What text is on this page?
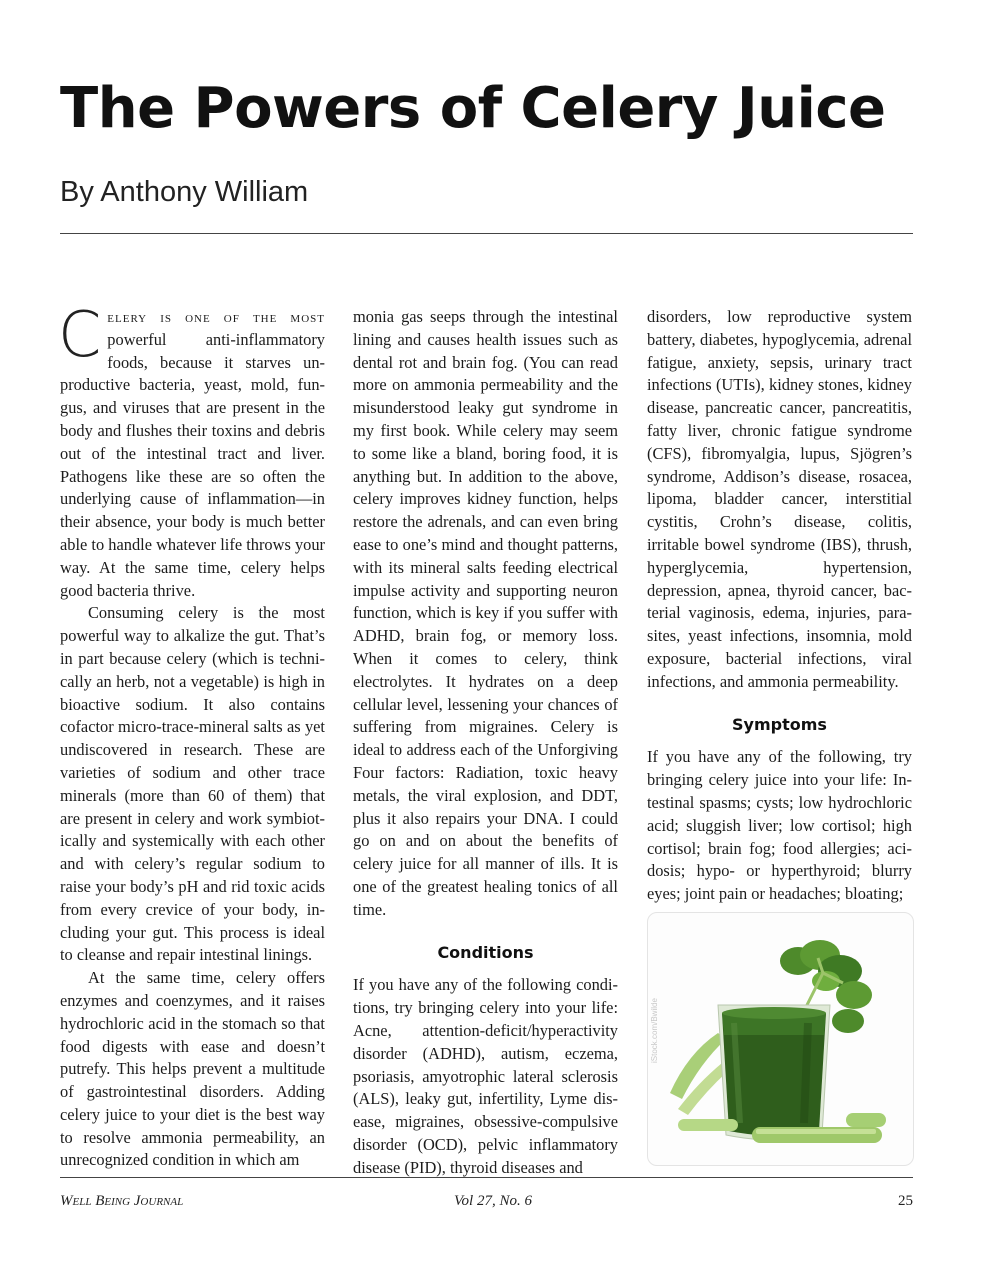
The Powers of Celery Juice
By Anthony William

Celery is one of the most powerful anti-inflammatory foods, because it starves unproductive bacteria, yeast, mold, fungus, and viruses that are present in the body and flushes their toxins and debris out of the intestinal tract and liver. Pathogens like these are so often the underlying cause of inflammation—in their absence, your body is much better able to handle whatever life throws your way. At the same time, celery helps good bacteria thrive.

Consuming celery is the most powerful way to alkalize the gut. That’s in part because celery (which is technically an herb, not a vegetable) is high in bioactive sodium. It also contains cofactor micro-trace-mineral salts as yet undiscovered in research. These are varieties of sodium and other trace minerals (more than 60 of them) that are present in celery and work symbiotically and systemically with each other and with celery’s regular sodium to raise your body’s pH and rid toxic acids from every crevice of your body, including your gut. This process is ideal to cleanse and repair intestinal linings.

At the same time, celery offers enzymes and coenzymes, and it raises hydrochloric acid in the stomach so that food digests with ease and doesn’t putrefy. This helps prevent a multitude of gastrointestinal disorders. Adding celery juice to your diet is the best way to resolve ammonia permeability, an unrecognized condition in which am

monia gas seeps through the intestinal lining and causes health issues such as dental rot and brain fog. (You can read more on ammonia permeability and the misunderstood leaky gut syndrome in my first book. While celery may seem to some like a bland, boring food, it is anything but. In addition to the above, celery improves kidney function, helps restore the adrenals, and can even bring ease to one’s mind and thought patterns, with its mineral salts feeding electrical impulse activity and supporting neuron function, which is key if you suffer with ADHD, brain fog, or memory loss. When it comes to celery, think electrolytes. It hydrates on a deep cellular level, lessening your chances of suffering from migraines. Celery is ideal to address each of the Unforgiving Four factors: Radiation, toxic heavy metals, the viral explosion, and DDT, plus it also repairs your DNA. I could go on and on about the benefits of celery juice for all manner of ills. It is one of the greatest healing tonics of all time.

Conditions

If you have any of the following conditions, try bringing celery into your life: Acne, attention-deficit/hyperactivity disorder (ADHD), autism, eczema, psoriasis, amyotrophic lateral sclerosis (ALS), leaky gut, infertility, Lyme disease, migraines, obsessive-compulsive disorder (OCD), pelvic inflammatory disease (PID), thyroid diseases and

disorders, low reproductive system battery, diabetes, hypoglycemia, adrenal fatigue, anxiety, sepsis, urinary tract infections (UTIs), kidney stones, kidney disease, pancreatic cancer, pancreatitis, fatty liver, chronic fatigue syndrome (CFS), fibromyalgia, lupus, Sjögren’s syndrome, Addison’s disease, rosacea, lipoma, bladder cancer, interstitial cystitis, Crohn’s disease, colitis, irritable bowel syndrome (IBS), thrush, hyperglycemia, hypertension, depression, apnea, thyroid cancer, bacterial vaginosis, edema, injuries, parasites, yeast infections, insomnia, mold exposure, bacterial infections, viral infections, and ammonia permeability.

Symptoms

If you have any of the following, try bringing celery juice into your life: Intestinal spasms; cysts; low hydrochloric acid; sluggish liver; low cortisol; high cortisol; brain fog; food allergies; acidosis; hypo- or hyperthyroid; blurry eyes; joint pain or headaches; bloating;

iStock.com/Bwilde
Well Being Journal	Vol 27, No. 6	25
